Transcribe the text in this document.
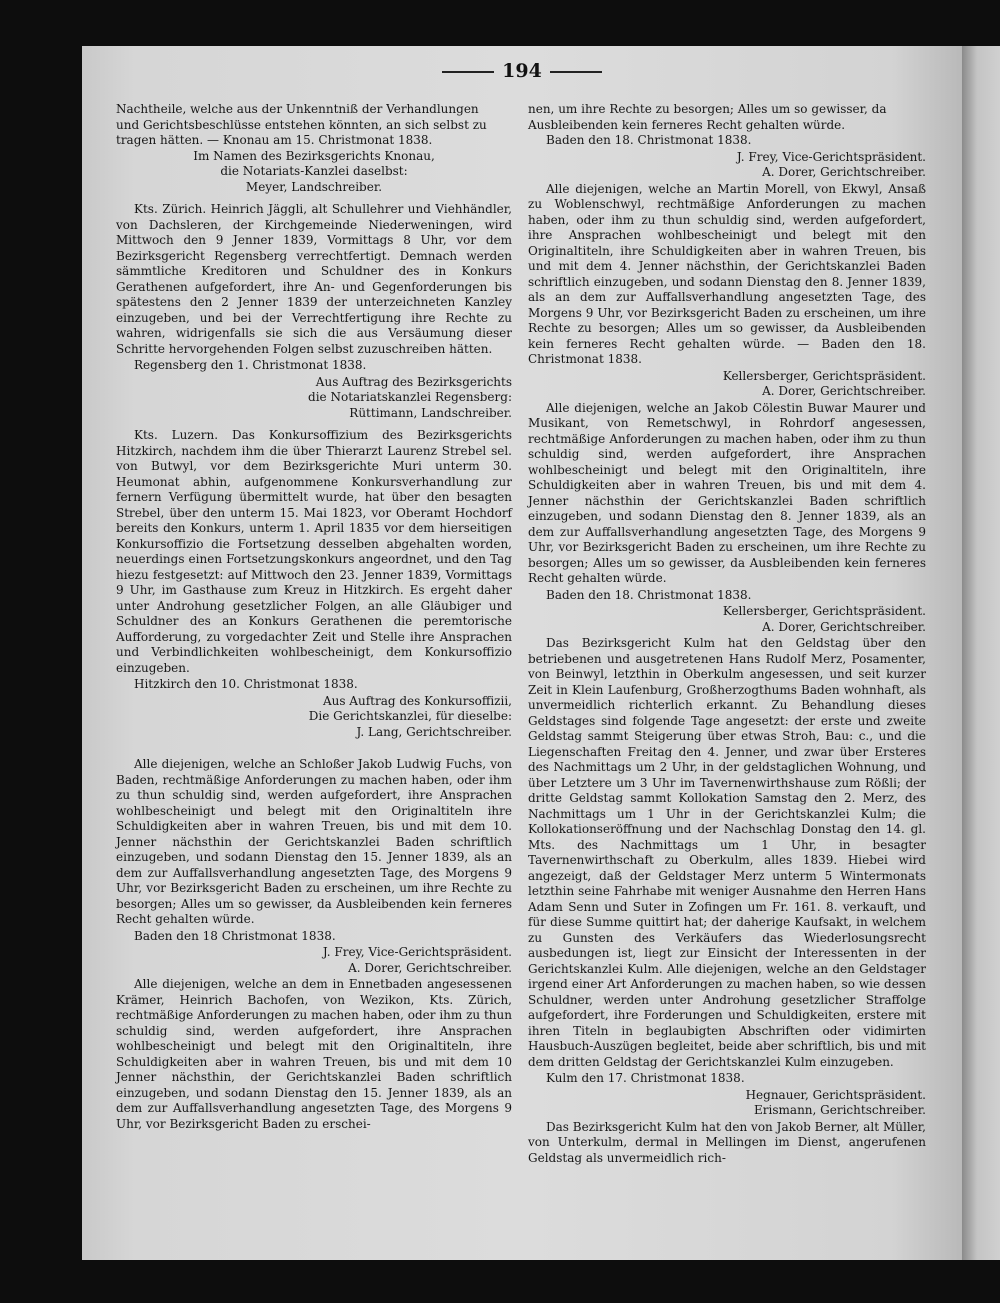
194

Nachtheile, welche aus der Unkenntniß der Verhandlungen
und Gerichtsbeschlüsse entstehen könnten, an sich selbst zu
tragen hätten. — Knonau am 15. Christmonat 1838.
Im Namen des Bezirksgerichts Knonau,
die Notariats-Kanzlei daselbst:
Meyer, Landschreiber.

Kts. Zürich. Heinrich Jäggli, alt Schullehrer und Viehhändler, von Dachsleren, der Kirchgemeinde Niederweningen, wird Mittwoch den 9 Jenner 1839, Vormittags 8 Uhr, vor dem Bezirksgericht Regensberg verrechtfertigt. Demnach werden sämmtliche Kreditoren und Schuldner des in Konkurs Gerathenen aufgefordert, ihre An- und Gegenforderungen bis spätestens den 2 Jenner 1839 der unterzeichneten Kanzley einzugeben, und bei der Verrechtfertigung ihre Rechte zu wahren, widrigenfalls sie sich die aus Versäumung dieser Schritte hervorgehenden Folgen selbst zuzuschreiben hätten.

Regensberg den 1. Christmonat 1838.

Aus Auftrag des Bezirksgerichts
die Notariatskanzlei Regensberg:
Rüttimann, Landschreiber.

Kts. Luzern. Das Konkursoffizium des Bezirksgerichts Hitzkirch, nachdem ihm die über Thierarzt Laurenz Strebel sel. von Butwyl, vor dem Bezirksgerichte Muri unterm 30. Heumonat abhin, aufgenommene Konkursverhandlung zur fernern Verfügung übermittelt wurde, hat über den besagten Strebel, über den unterm 15. Mai 1823, vor Oberamt Hochdorf bereits den Konkurs, unterm 1. April 1835 vor dem hierseitigen Konkursoffizio die Fortsetzung desselben abgehalten worden, neuerdings einen Fortsetzungskonkurs angeordnet, und den Tag hiezu festgesetzt: auf Mittwoch den 23. Jenner 1839, Vormittags 9 Uhr, im Gasthause zum Kreuz in Hitzkirch. Es ergeht daher unter Androhung gesetzlicher Folgen, an alle Gläubiger und Schuldner des an Konkurs Gerathenen die peremtorische Aufforderung, zu vorgedachter Zeit und Stelle ihre Ansprachen und Verbindlichkeiten wohlbescheinigt, dem Konkursoffizio einzugeben.

Hitzkirch den 10. Christmonat 1838.

Aus Auftrag des Konkursoffizii,
Die Gerichtskanzlei, für dieselbe:
J. Lang, Gerichtschreiber.

Alle diejenigen, welche an Schloßer Jakob Ludwig Fuchs, von Baden, rechtmäßige Anforderungen zu machen haben, oder ihm zu thun schuldig sind, werden aufgefordert, ihre Ansprachen wohlbescheinigt und belegt mit den Originaltiteln ihre Schuldigkeiten aber in wahren Treuen, bis und mit dem 10. Jenner nächsthin der Gerichtskanzlei Baden schriftlich einzugeben, und sodann Dienstag den 15. Jenner 1839, als an dem zur Auffallsverhandlung angesetzten Tage, des Morgens 9 Uhr, vor Bezirksgericht Baden zu erscheinen, um ihre Rechte zu besorgen; Alles um so gewisser, da Ausbleibenden kein ferneres Recht gehalten würde.

Baden den 18 Christmonat 1838.

J. Frey, Vice-Gerichtspräsident.
A. Dorer, Gerichtschreiber.

Alle diejenigen, welche an dem in Ennetbaden angesessenen Krämer, Heinrich Bachofen, von Wezikon, Kts. Zürich, rechtmäßige Anforderungen zu machen haben, oder ihm zu thun schuldig sind, werden aufgefordert, ihre Ansprachen wohlbescheinigt und belegt mit den Originaltiteln, ihre Schuldigkeiten aber in wahren Treuen, bis und mit dem 10 Jenner nächsthin, der Gerichtskanzlei Baden schriftlich einzugeben, und sodann Dienstag den 15. Jenner 1839, als an dem zur Auffallsverhandlung angesetzten Tage, des Morgens 9 Uhr, vor Bezirksgericht Baden zu erschei-

nen, um ihre Rechte zu besorgen; Alles um so gewisser, da
Ausbleibenden kein ferneres Recht gehalten würde.
Baden den 18. Christmonat 1838.

J. Frey, Vice-Gerichtspräsident.
A. Dorer, Gerichtschreiber.

Alle diejenigen, welche an Martin Morell, von Ekwyl, Ansaß zu Woblenschwyl, rechtmäßige Anforderungen zu machen haben, oder ihm zu thun schuldig sind, werden aufgefordert, ihre Ansprachen wohlbescheinigt und belegt mit den Originaltiteln, ihre Schuldigkeiten aber in wahren Treuen, bis und mit dem 4. Jenner nächsthin, der Gerichtskanzlei Baden schriftlich einzugeben, und sodann Dienstag den 8. Jenner 1839, als an dem zur Auffallsverhandlung angesetzten Tage, des Morgens 9 Uhr, vor Bezirksgericht Baden zu erscheinen, um ihre Rechte zu besorgen; Alles um so gewisser, da Ausbleibenden kein ferneres Recht gehalten würde. — Baden den 18. Christmonat 1838.

Kellersberger, Gerichtspräsident.
A. Dorer, Gerichtschreiber.

Alle diejenigen, welche an Jakob Cölestin Buwar Maurer und Musikant, von Remetschwyl, in Rohrdorf angesessen, rechtmäßige Anforderungen zu machen haben, oder ihm zu thun schuldig sind, werden aufgefordert, ihre Ansprachen wohlbescheinigt und belegt mit den Originaltiteln, ihre Schuldigkeiten aber in wahren Treuen, bis und mit dem 4. Jenner nächsthin der Gerichtskanzlei Baden schriftlich einzugeben, und sodann Dienstag den 8. Jenner 1839, als an dem zur Auffallsverhandlung angesetzten Tage, des Morgens 9 Uhr, vor Bezirksgericht Baden zu erscheinen, um ihre Rechte zu besorgen; Alles um so gewisser, da Ausbleibenden kein ferneres Recht gehalten würde.

Baden den 18. Christmonat 1838.

Kellersberger, Gerichtspräsident.
A. Dorer, Gerichtschreiber.

Das Bezirksgericht Kulm hat den Geldstag über den betriebenen und ausgetretenen Hans Rudolf Merz, Posamenter, von Beinwyl, letzthin in Oberkulm angesessen, und seit kurzer Zeit in Klein Laufenburg, Großherzogthums Baden wohnhaft, als unvermeidlich richterlich erkannt. Zu Behandlung dieses Geldstages sind folgende Tage angesetzt: der erste und zweite Geldstag sammt Steigerung über etwas Stroh, Bau: c., und die Liegenschaften Freitag den 4. Jenner, und zwar über Ersteres des Nachmittags um 2 Uhr, in der geldstaglichen Wohnung, und über Letztere um 3 Uhr im Tavernenwirthshause zum Rößli; der dritte Geldstag sammt Kollokation Samstag den 2. Merz, des Nachmittags um 1 Uhr in der Gerichtskanzlei Kulm; die Kollokationseröffnung und der Nachschlag Donstag den 14. gl. Mts. des Nachmittags um 1 Uhr, in besagter Tavernenwirthschaft zu Oberkulm, alles 1839. Hiebei wird angezeigt, daß der Geldstager Merz unterm 5 Wintermonats letzthin seine Fahrhabe mit weniger Ausnahme den Herren Hans Adam Senn und Suter in Zofingen um Fr. 161. 8. verkauft, und für diese Summe quittirt hat; der daherige Kaufsakt, in welchem zu Gunsten des Verkäufers das Wiederlosungsrecht ausbedungen ist, liegt zur Einsicht der Interessenten in der Gerichtskanzlei Kulm. Alle diejenigen, welche an den Geldstager irgend einer Art Anforderungen zu machen haben, so wie dessen Schuldner, werden unter Androhung gesetzlicher Straffolge aufgefordert, ihre Forderungen und Schuldigkeiten, erstere mit ihren Titeln in beglaubigten Abschriften oder vidimirten Hausbuch-Auszügen begleitet, beide aber schriftlich, bis und mit dem dritten Geldstag der Gerichtskanzlei Kulm einzugeben.

Kulm den 17. Christmonat 1838.

Hegnauer, Gerichtspräsident.
Erismann, Gerichtschreiber.

Das Bezirksgericht Kulm hat den von Jakob Berner, alt Müller, von Unterkulm, dermal in Mellingen im Dienst, angerufenen Geldstag als unvermeidlich rich-
